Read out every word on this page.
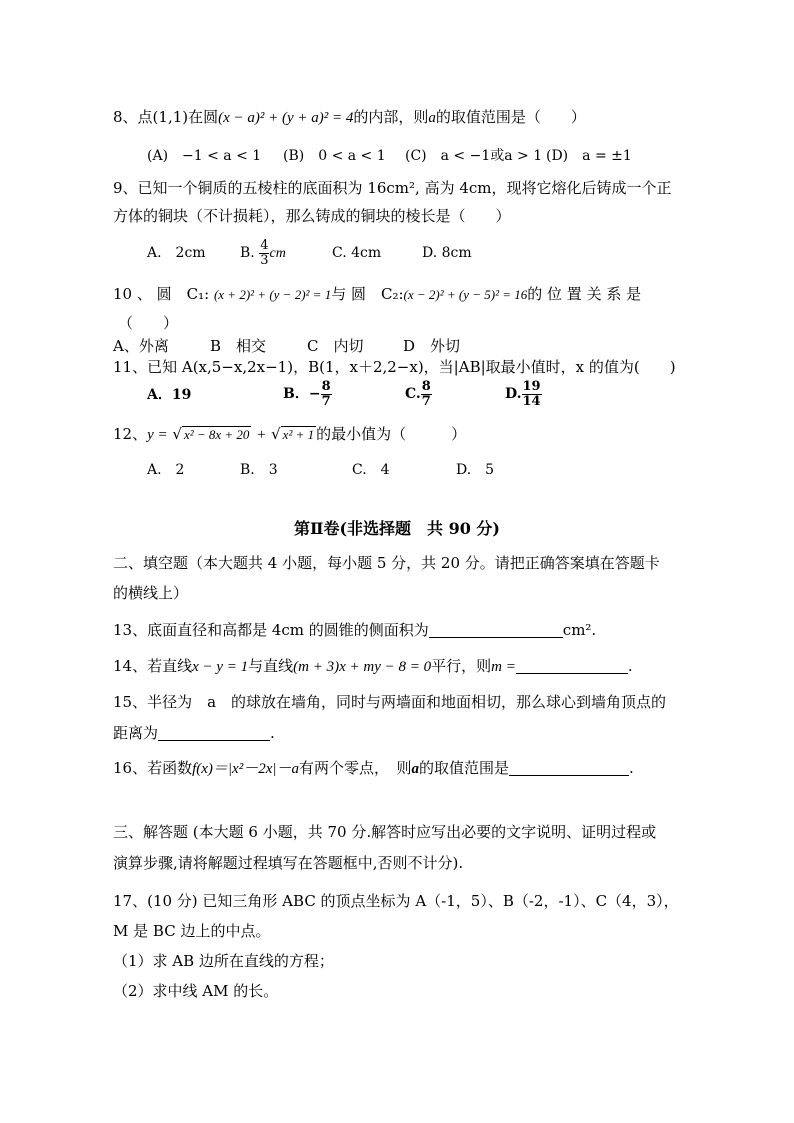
8、点(1,1)在圆(x − a)² + (y + a)² = 4的内部，则a的取值范围是（　　）
(A)　−1 < a < 1 (B)　0 < a < 1 (C)　a < −1或a > 1 (D)　a = ±1
9、已知一个铜质的五棱柱的底面积为 16cm², 高为 4cm，现将它熔化后铸成一个正
方体的铜块（不计损耗），那么铸成的铜块的棱长是（　　）
A.　2cm B. $\frac{4}{3}$ cm	C. 4cm	D. 8cm
10 、 圆　C₁: (x + 2)² + (y − 2)² = 1与 圆　C₂:(x − 2)² + (y − 5)² = 16的 位 置 关 系 是
（　　）
A、外离	B　相交	C　内切	D　外切
11、已知 A(x,5−x,2x−1)，B(1，x＋2,2−x)，当|AB|取最小值时，x 的值为(　　)
A．19	B．− $\frac{8}{7}$	C. $\frac{8}{7}$	D. $\frac{19}{14}$
12、y = √ x² − 8x + 20 + √ x² + 1 的最小值为（　　　）
A.　2	B.　3	C.　4	D.　5
第Ⅱ卷(非选择题　共 90 分)
二、填空题（本大题共 4 小题，每小题 5 分，共 20 分。请把正确答案填在答题卡
的横线上）
13、底面直径和高都是 4cm 的圆锥的侧面积为	cm².
14、若直线x − y = 1与直线(m + 3)x + my − 8 = 0平行，则m =	.
15、半径为　a　的球放在墙角，同时与两墙面和地面相切，那么球心到墙角顶点的
距离为	.
16、若函数f(x)＝|x²－2x|－a有两个零点，　则a的取值范围是	.
三、解答题 (本大题 6 小题，共 70 分.解答时应写出必要的文字说明、证明过程或
演算步骤,请将解题过程填写在答题框中,否则不计分).
17、(10 分) 已知三角形 ABC 的顶点坐标为 A（-1，5）、B（-2，-1）、C（4，3），
M 是 BC 边上的中点。
（1）求 AB 边所在直线的方程；
（2）求中线 AM 的长。
